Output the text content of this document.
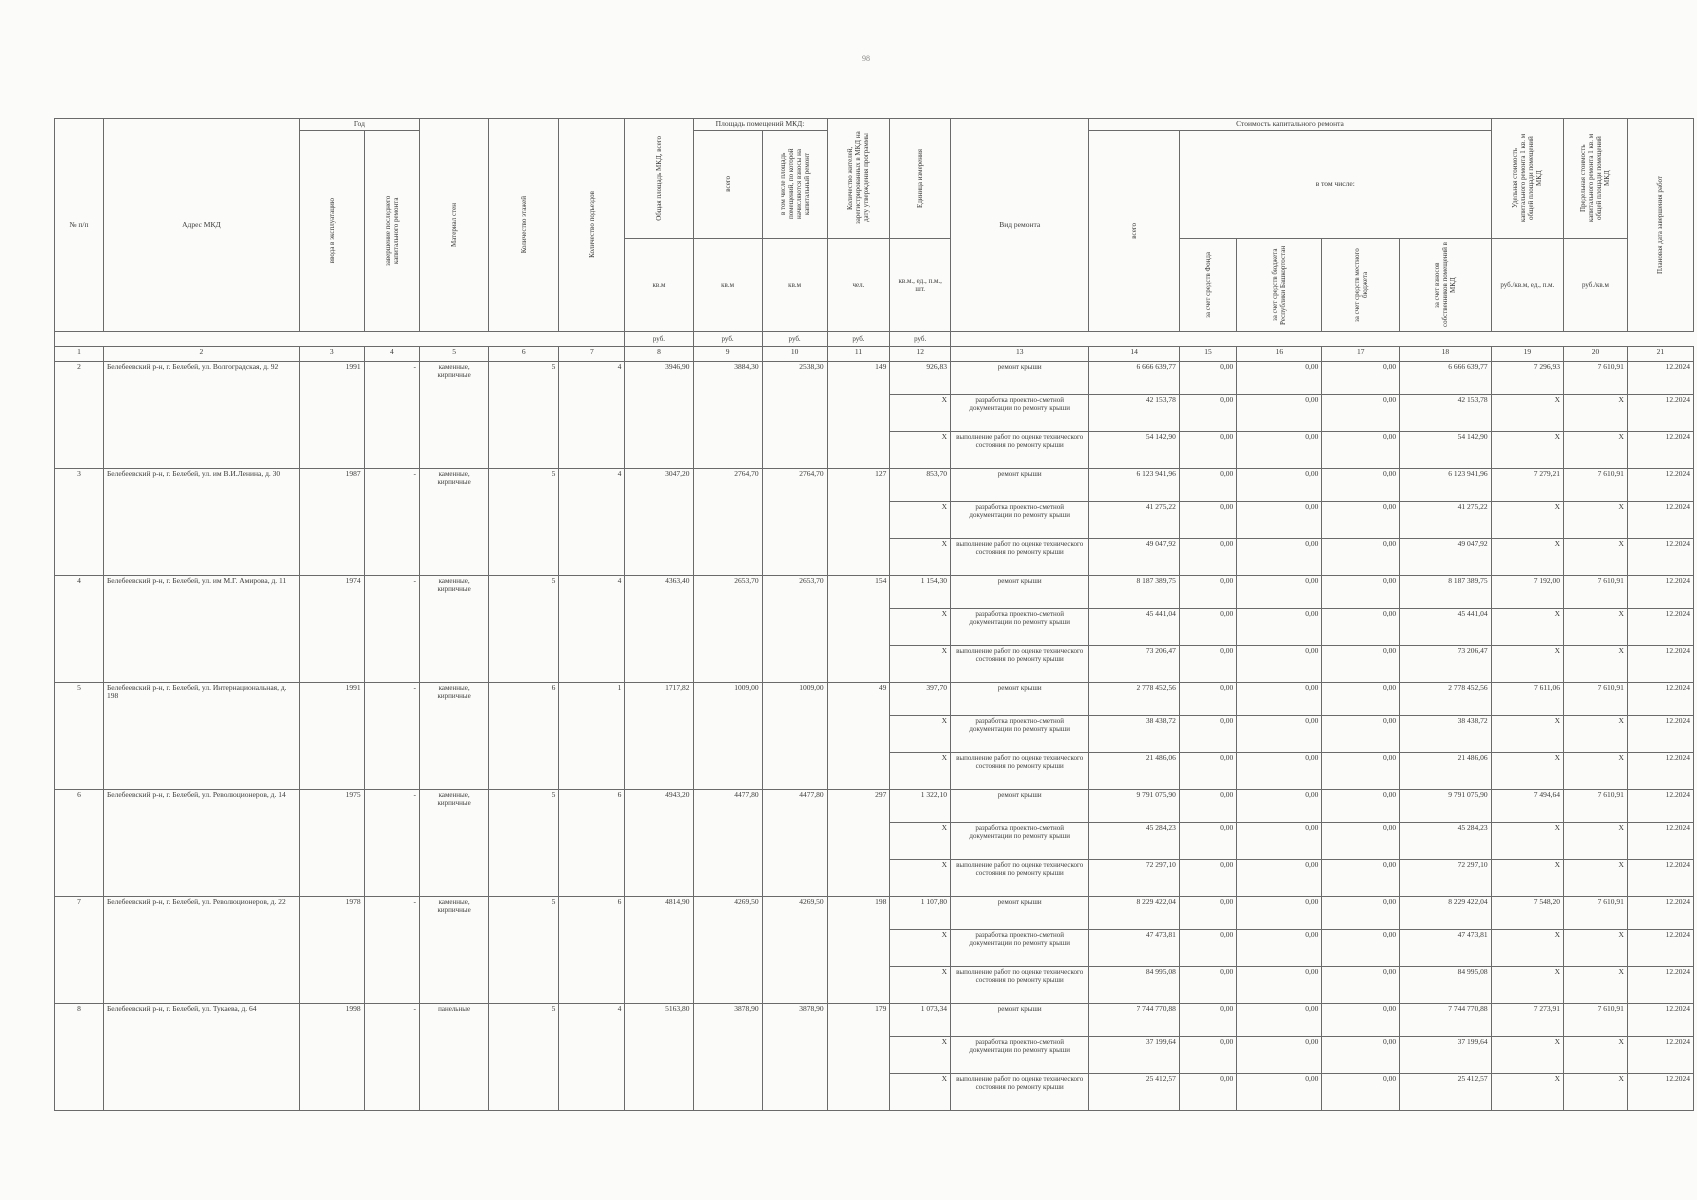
98
№ п/п	Адрес МКД	Год		Материал стен	Количество этажей	Количество подъездов	Общая площадь МКД, всего	Площадь помещений МКД:		Количество жителей, зарегистрированных в МКД на дату утверждения программы	Единица измерения	Вид ремонта	Стоимость капитального ремонта					Удельная стоимость капитального ремонта 1 кв. м общей площади помещений МКД	Предельная стоимость капитального ремонта 1 кв. м общей площади помещений МКД	Плановая дата завершения работ

		ввода в эксплуатацию	завершение последнего капитального ремонта					всего	в том числе площадь помещений, по которой начисляются взносы на капитальный ремонт				всего	в том числе:						
							кв.м	кв.м	кв.м	чел.	кв.м., ед., п.м., шт.			за счет средств Фонда	за счет средств бюджета Республики Башкортостан	за счет средств местного бюджета	за счет взносов собственников помещений в МКД	руб./кв.м, ед., п.м.	руб./кв.м	
							руб.	руб.	руб.	руб.	руб.								
1	2	3	4	5	6	7	8	9	10	11	12	13	14	15	16	17	18	19	20	21
2	Белебеевский р-н, г. Белебей, ул. Волгоградская, д. 92	1991	-	каменные, кирпичные	5	4	3946,90	3884,30	2538,30	149	926,83	ремонт крыши	6 666 639,77	0,00	0,00	0,00	6 666 639,77	7 296,93	7 610,91	12.2024
											X	разработка проектно-сметной документации по ремонту крыши	42 153,78	0,00	0,00	0,00	42 153,78	X	X	12.2024
											X	выполнение работ по оценке технического состояния по ремонту крыши	54 142,90	0,00	0,00	0,00	54 142,90	X	X	12.2024
3	Белебеевский р-н, г. Белебей, ул. им В.И.Ленина, д. 30	1987	-	каменные, кирпичные	5	4	3047,20	2764,70	2764,70	127	853,70	ремонт крыши	6 123 941,96	0,00	0,00	0,00	6 123 941,96	7 279,21	7 610,91	12.2024
											X	разработка проектно-сметной документации по ремонту крыши	41 275,22	0,00	0,00	0,00	41 275,22	X	X	12.2024
											X	выполнение работ по оценке технического состояния по ремонту крыши	49 047,92	0,00	0,00	0,00	49 047,92	X	X	12.2024
4	Белебеевский р-н, г. Белебей, ул. им М.Г. Амирова, д. 11	1974	-	каменные, кирпичные	5	4	4363,40	2653,70	2653,70	154	1 154,30	ремонт крыши	8 187 389,75	0,00	0,00	0,00	8 187 389,75	7 192,00	7 610,91	12.2024
											X	разработка проектно-сметной документации по ремонту крыши	45 441,04	0,00	0,00	0,00	45 441,04	X	X	12.2024
											X	выполнение работ по оценке технического состояния по ремонту крыши	73 206,47	0,00	0,00	0,00	73 206,47	X	X	12.2024
5	Белебеевский р-н, г. Белебей, ул. Интернациональная, д. 198	1991	-	каменные, кирпичные	6	1	1717,82	1009,00	1009,00	49	397,70	ремонт крыши	2 778 452,56	0,00	0,00	0,00	2 778 452,56	7 611,06	7 610,91	12.2024
											X	разработка проектно-сметной документации по ремонту крыши	38 438,72	0,00	0,00	0,00	38 438,72	X	X	12.2024
											X	выполнение работ по оценке технического состояния по ремонту крыши	21 486,06	0,00	0,00	0,00	21 486,06	X	X	12.2024
6	Белебеевский р-н, г. Белебей, ул. Революционеров, д. 14	1975	-	каменные, кирпичные	5	6	4943,20	4477,80	4477,80	297	1 322,10	ремонт крыши	9 791 075,90	0,00	0,00	0,00	9 791 075,90	7 494,64	7 610,91	12.2024
											X	разработка проектно-сметной документации по ремонту крыши	45 284,23	0,00	0,00	0,00	45 284,23	X	X	12.2024
											X	выполнение работ по оценке технического состояния по ремонту крыши	72 297,10	0,00	0,00	0,00	72 297,10	X	X	12.2024
7	Белебеевский р-н, г. Белебей, ул. Революционеров, д. 22	1978	-	каменные, кирпичные	5	6	4814,90	4269,50	4269,50	198	1 107,80	ремонт крыши	8 229 422,04	0,00	0,00	0,00	8 229 422,04	7 548,20	7 610,91	12.2024
											X	разработка проектно-сметной документации по ремонту крыши	47 473,81	0,00	0,00	0,00	47 473,81	X	X	12.2024
											X	выполнение работ по оценке технического состояния по ремонту крыши	84 995,08	0,00	0,00	0,00	84 995,08	X	X	12.2024
8	Белебеевский р-н, г. Белебей, ул. Тукаева, д. 64	1998	-	панельные	5	4	5163,80	3878,90	3878,90	179	1 073,34	ремонт крыши	7 744 770,88	0,00	0,00	0,00	7 744 770,88	7 273,91	7 610,91	12.2024
											X	разработка проектно-сметной документации по ремонту крыши	37 199,64	0,00	0,00	0,00	37 199,64	X	X	12.2024
											X	выполнение работ по оценке технического состояния по ремонту крыши	25 412,57	0,00	0,00	0,00	25 412,57	X	X	12.2024
